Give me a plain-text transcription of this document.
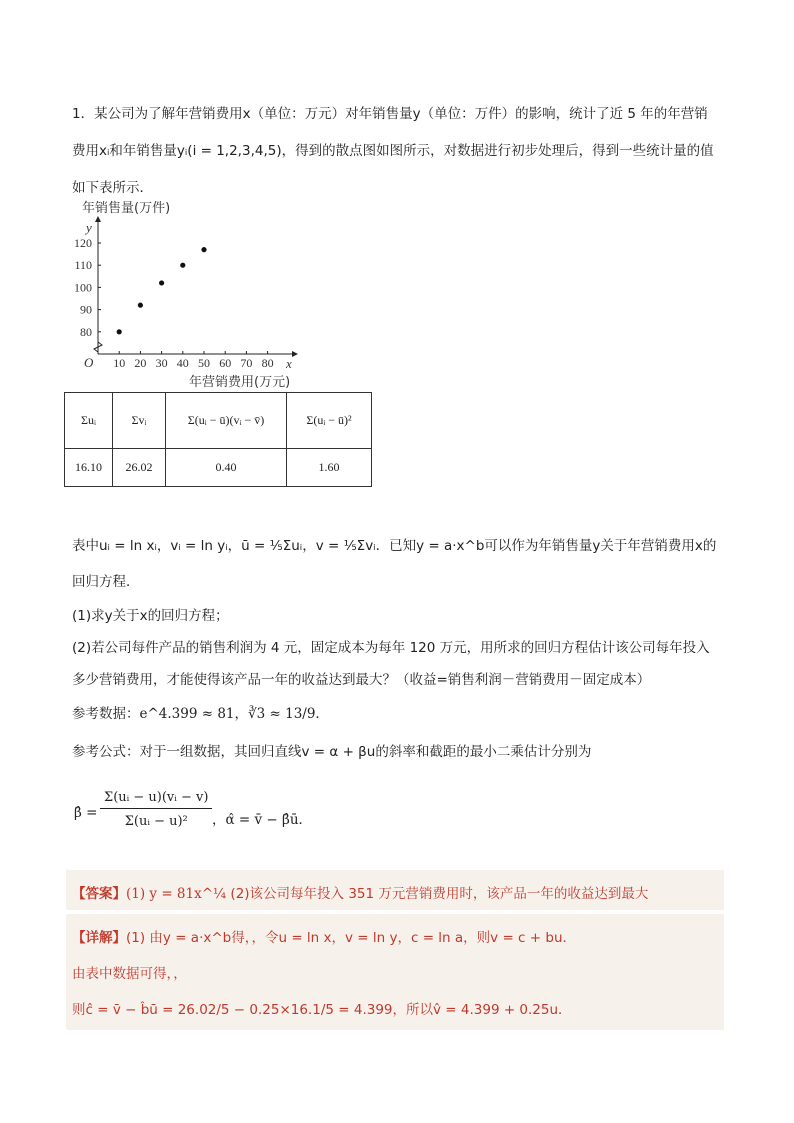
1．某公司为了解年营销费用x（单位：万元）对年销售量y（单位：万件）的影响，统计了近 5 年的年营销
费用xᵢ和年销售量yᵢ(i = 1,2,3,4,5)，得到的散点图如图所示，对数据进行初步处理后，得到一些统计量的值
如下表所示．
年销售量(万件)
y
x
O
年营销费用(万元)
10 20 30 40 50 60 70 80
80
90
100
110
120
Σuᵢ	Σvᵢ	Σ(uᵢ − ū)(vᵢ − v̄)	Σ(uᵢ − ū)²
16.10	26.02	0.40	1.60
表中uᵢ = ln xᵢ，vᵢ = ln yᵢ，ū = ⅕Σuᵢ，v = ⅕Σvᵢ．已知y = a·x^b可以作为年销售量y关于年营销费用x的
回归方程．
(1)求y关于x的回归方程；
(2)若公司每件产品的销售利润为 4 元，固定成本为每年 120 万元，用所求的回归方程估计该公司每年投入
多少营销费用，才能使得该产品一年的收益达到最大？（收益=销售利润－营销费用－固定成本）
参考数据：e^4.399 ≈ 81，∛3 ≈ 13/9．
参考公式：对于一组数据，其回归直线v = α + βu的斜率和截距的最小二乘估计分别为
β̂ = $\frac{\text{Σ(uᵢ − u)(vᵢ − v)}}{\text{Σ(uᵢ − u)²}}$ ，α̂ = v̄ − β̂ū．
【答案】(1) y = 81x^¼ (2)该公司每年投入 351 万元营销费用时，该产品一年的收益达到最大
【详解】(1) 由y = a·x^b得，，令u = ln x，v = ln y，c = ln a，则v = c + bu．
由表中数据可得，，
则ĉ = v̄ − b̂ū = 26.02/5 − 0.25×16.1/5 = 4.399，所以v̂ = 4.399 + 0.25u．
